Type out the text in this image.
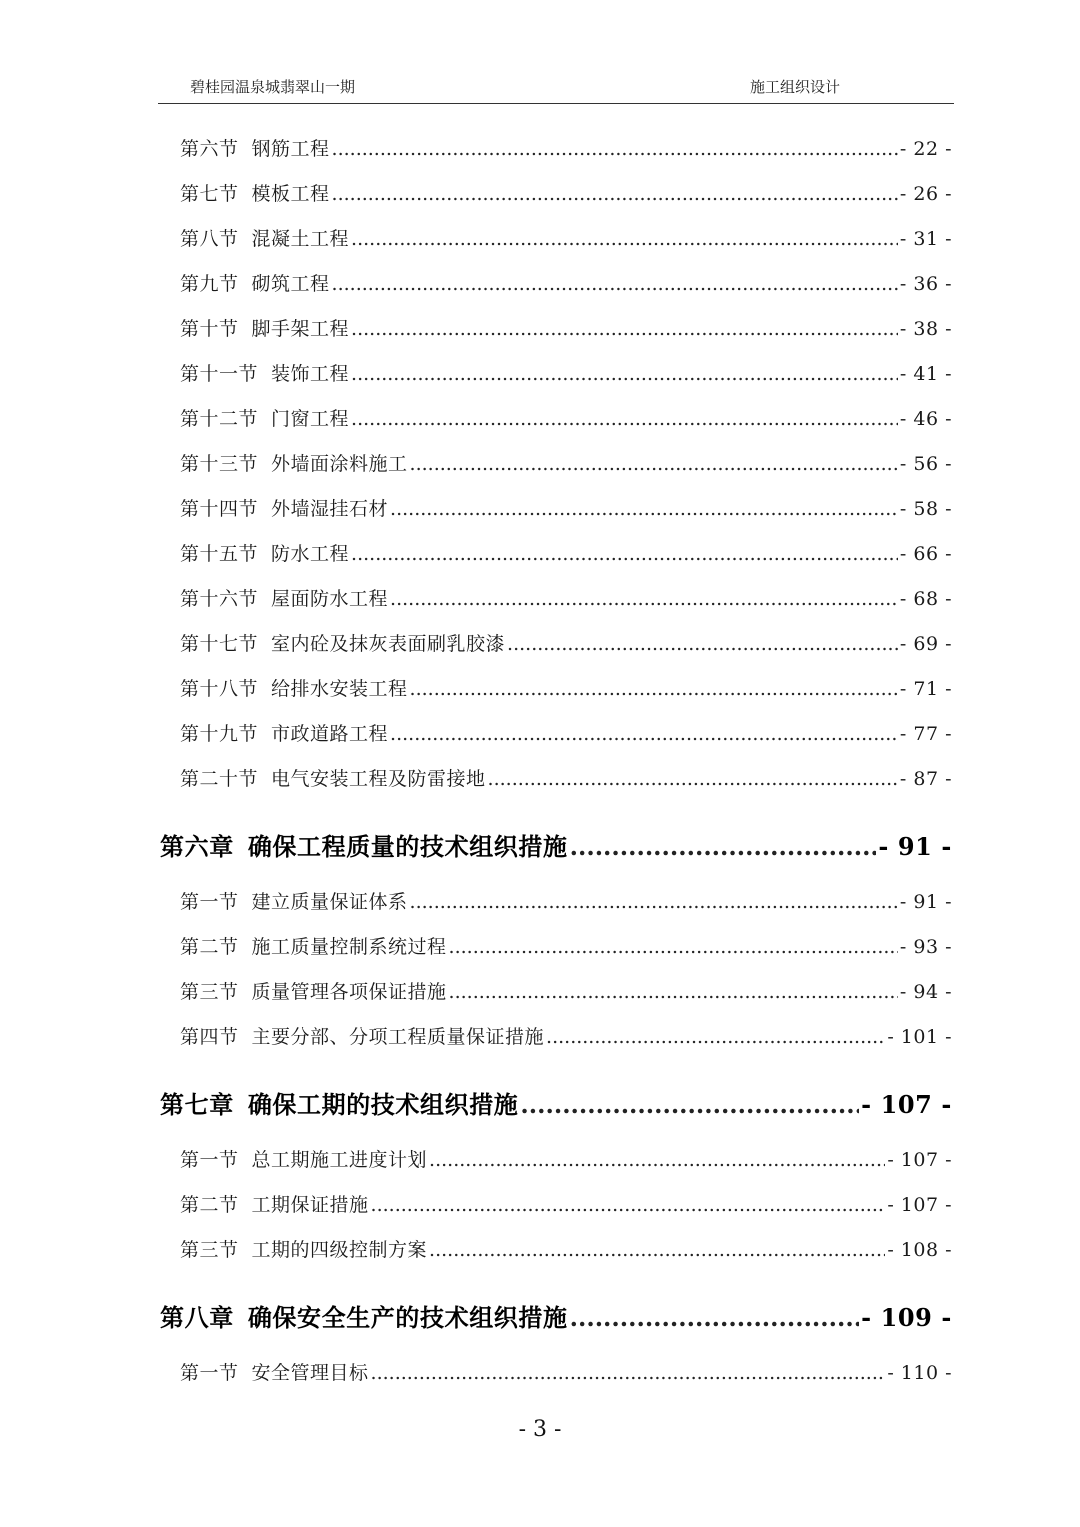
碧桂园温泉城翡翠山一期	施工组织设计
第六节 钢筋工程 .....	- 22 -
第七节 模板工程 .....	- 26 -
第八节 混凝土工程 .....	- 31 -
第九节 砌筑工程 .....	- 36 -
第十节 脚手架工程 .....	- 38 -
第十一节 装饰工程 .....	- 41 -
第十二节 门窗工程 .....	- 46 -
第十三节 外墙面涂料施工 .....	- 56 -
第十四节 外墙湿挂石材 .....	- 58 -
第十五节 防水工程 .....	- 66 -
第十六节 屋面防水工程 .....	- 68 -
第十七节 室内砼及抹灰表面刷乳胶漆 .....	- 69 -
第十八节 给排水安装工程 .....	- 71 -
第十九节 市政道路工程 .....	- 77 -
第二十节 电气安装工程及防雷接地 .....	- 87 -
第六章 确保工程质量的技术组织措施 .....	- 91 -
第一节 建立质量保证体系 .....	- 91 -
第二节 施工质量控制系统过程 .....	- 93 -
第三节 质量管理各项保证措施 .....	- 94 -
第四节 主要分部、分项工程质量保证措施 .....	- 101 -
第七章 确保工期的技术组织措施 .....	- 107 -
第一节 总工期施工进度计划 .....	- 107 -
第二节 工期保证措施 .....	- 107 -
第三节 工期的四级控制方案 .....	- 108 -
第八章 确保安全生产的技术组织措施 .....	- 109 -
第一节 安全管理目标 .....	- 110 -
- 3 -
